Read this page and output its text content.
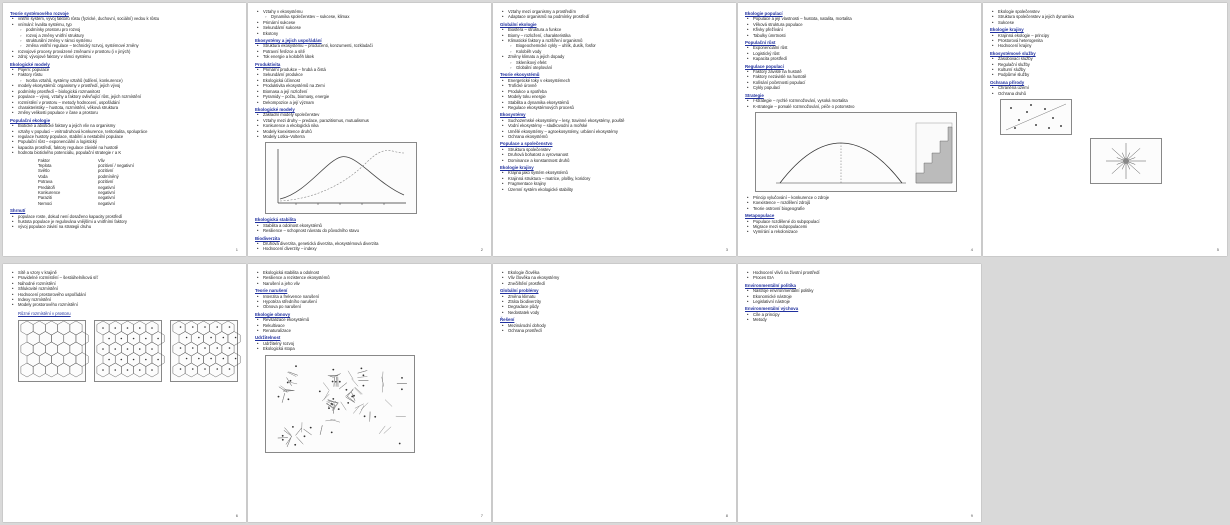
Teorie systémového rozvoje
• vnitřní systém, vývoj faktorů růstu (fyzické, duchovní, sociální) vedou k růstu
• vnímání: kvalita systému, typ
◦ podmínky prostoru pro rozvoj
◦ rozvoj a změny vnitřní struktury
◦ strukturální změny v rámci systému
◦ změna vnitřní regulace – technický rozvoj, systémové změny
• rozvojové procesy provázené změnami v prostoru (i v jiných)
• zdroj: vývojové faktory v rámci systému
Ekologické modely
• Pojem: populace
• Faktory růstu
◦ tvorba vztahů, systémy vztahů (sdílení, konkurence)
• modely ekosystémů: organismy v prostředí, jejich vývoj
• podmínky prostředí – biologická rozmanitost
• populace – vývoj, vztahy a faktory ovlivňující růst, jejich rozmístění
• rozmístění v prostoru – metody hodnocení, uspořádání
• charakteristiky – hustota, rozmístění, věková struktura
• změny velikosti populace v čase a prostoru
Populační ekologie
• Biotické a abiotické faktory a jejich vliv na organismy
• vztahy v populaci – vnitrodruhová konkurence, teritorialita, spolupráce
• regulace hustoty populace, stabilní a nestabilní populace
• Populační růst – exponenciální a logistický
• kapacita prostředí, faktory regulace závislé na hustotě
• hodnota biotického potenciálu, populační strategie r a K
Faktor	Vliv
Teplota	pozitivní / negativní
Světlo	pozitivní
Voda	podmíněný
Potrava	pozitivní
Predátoři	negativní
Konkurence	negativní
Paraziti	negativní
Nemoci	negativní
Shrnutí
• populace roste, dokud není dosaženo kapacity prostředí
• hustota populace je regulována vnějšími a vnitřními faktory
• vývoj populace závisí na strategii druhu
1
• Vztahy v ekosystému
◦ Dynamika společenstev – sukcese, klimax
• Primární sukcese
• Sekundární sukcese
• Ekotony
Ekosystémy a jejich uspořádání
• Struktura ekosystému – producenti, konzumenti, rozkladači
• Potravní řetězce a sítě
• Tok energie a koloběh látek
Produktivita
• Primární produkce – hrubá a čistá
• Sekundární produkce
• Ekologická účinnost
• Produktivita ekosystémů na Zemi
• Biomasa a její rozložení
• Pyramidy – počtu, biomasy, energie
• Dekompozice a její význam
Ekologické modely
• Základní modely společenstev
• Vztahy mezi druhy – predace, parazitismus, mutualismus
• Konkurence a ekologická nika
• Modely koexistence druhů
• Modely Lotka–Volterra
Ekologická stabilita
• Stabilita a odolnost ekosystémů
• Resilience – schopnost návratu do původního stavu
Biodiverzita
• Druhová diverzita, genetická diverzita, ekosystémová diverzita
• Hodnocení diverzity – indexy	2
• Vztahy mezi organismy a prostředím
• Adaptace organismů na podmínky prostředí
Globální ekologie
• Biosféra – struktura a funkce
• Biomy – rozložení, charakteristika
• Klimatické faktory a rozšíření organismů
◦ Biogeochemické cykly – uhlík, dusík, fosfor
◦ Koloběh vody
• Změny klimatu a jejich dopady
◦ Skleníkový efekt
◦ Globální oteplování
Teorie ekosystémů
• Energetické toky v ekosystémech
• Trofické úrovně
• Produkce a spotřeba
• Modely toku energie
• Stabilita a dynamika ekosystémů
• Regulace ekosystémových procesů
Ekosystémy
• Suchozemské ekosystémy – lesy, travinné ekosystémy, pouště
• Vodní ekosystémy – sladkovodní a mořské
• Umělé ekosystémy – agroekosystémy, urbánní ekosystémy
• Ochrana ekosystémů
Populace a společenstvo
• Struktura společenstev
• Druhová bohatost a vyrovnanost
• Dominance a konstantnost druhů
Ekologie krajiny
• Krajina jako systém ekosystémů
• Krajinná struktura – matrice, plošky, koridory
• Fragmentace krajiny
• Územní systém ekologické stability
3
Ekologie populací
• Populace a její vlastnosti – hustota, natalita, mortalita
• Věková struktura populace
• Křivky přežívání
• Tabulky úmrtnosti
Populační růst
• Exponenciální růst
• Logistický růst
• Kapacita prostředí
Regulace populací
• Faktory závislé na hustotě
• Faktory nezávislé na hustotě
• Kolísání početnosti populací
• Cykly populací
Strategie
• r-strategie – rychlé rozmnožování, vysoká mortalita
• K-strategie – pomalé rozmnožování, péče o potomstvo
• Princip vylučování – konkurence o zdroje
• Koexistence – rozdělení zdrojů
• Teorie ostrovní biogeografie
Metapopulace
• Populace rozdělené do subpopulací
• Migrace mezi subpopulacemi
• Vymírání a rekolonizace
4
• Ekologie společenstev
• Struktura společenstev a jejich dynamika
• Sukcese
Ekologie krajiny
• Krajinná ekologie – principy
• Prostorová heterogenita
• Hodnocení krajiny
Ekosystémové služby
• Zásobovací služby
• Regulační služby
• Kulturní služby
• Podpůrné služby
Ochrana přírody
• Chráněná území
• Ochrana druhů
5
• Sítě a vzory v krajině
• Pravidelné rozmístění – šestiúhelníková síť
• Náhodné rozmístění
• Shlukovité rozmístění
• Hodnocení prostorového uspořádání
• Indexy rozmístění
• Modely prostorového rozmístění
Různé rozmístění v prostoru
6
• Ekologická stabilita a odolnost
• Resilience a rezistence ekosystémů
• Narušení a jeho vliv
Teorie narušení
• Intenzita a frekvence narušení
• Hypotéza středního narušení
• Obnova po narušení
Ekologie obnovy
• Revitalizace ekosystémů
• Rekultivace
• Renaturalizace
Udržitelnost
• Udržitelný rozvoj
• Ekologická stopa
7
• Ekologie člověka
• Vliv člověka na ekosystémy
• Znečištění prostředí
Globální problémy
• Změna klimatu
• Ztráta biodiverzity
• Degradace půdy
• Nedostatek vody
Řešení
• Mezinárodní dohody
• Ochrana prostředí
8
• Hodnocení vlivů na životní prostředí
• Proces EIA
Environmentální politika
• Nástroje environmentální politiky
• Ekonomické nástroje
• Legislativní nástroje
Environmentální výchova
• Cíle a principy
• Metody
9
